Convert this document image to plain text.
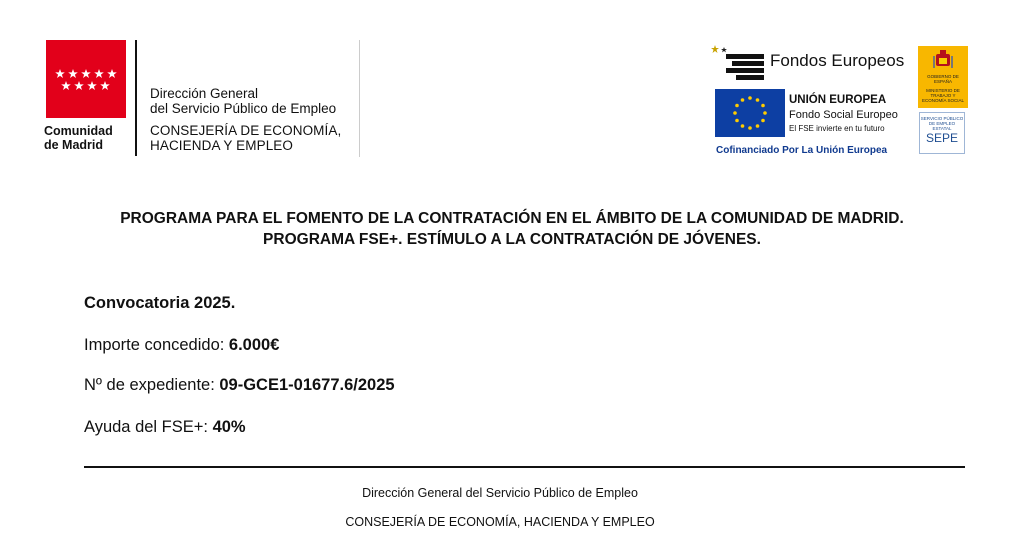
Comunidad
de Madrid
Dirección General
del Servicio Público de Empleo
CONSEJERÍA DE ECONOMÍA,
HACIENDA Y EMPLEO
Fondos Europeos
UNIÓN EUROPEA
Fondo Social Europeo
El FSE invierte en tu futuro
Cofinanciado Por La Unión Europea
GOBIERNO DE ESPAÑA
MINISTERIO DE TRABAJO Y ECONOMÍA SOCIAL
SERVICIO PÚBLICO DE EMPLEO ESTATAL
SEPE
PROGRAMA PARA EL FOMENTO DE LA CONTRATACIÓN EN EL ÁMBITO DE LA COMUNIDAD DE MADRID.
PROGRAMA FSE+. ESTÍMULO A LA CONTRATACIÓN DE JÓVENES.
Convocatoria 2025.
Importe concedido: 6.000€
Nº de expediente: 09-GCE1-01677.6/2025
Ayuda del FSE+: 40%
Dirección General del Servicio Público de Empleo
CONSEJERÍA DE ECONOMÍA, HACIENDA Y EMPLEO
